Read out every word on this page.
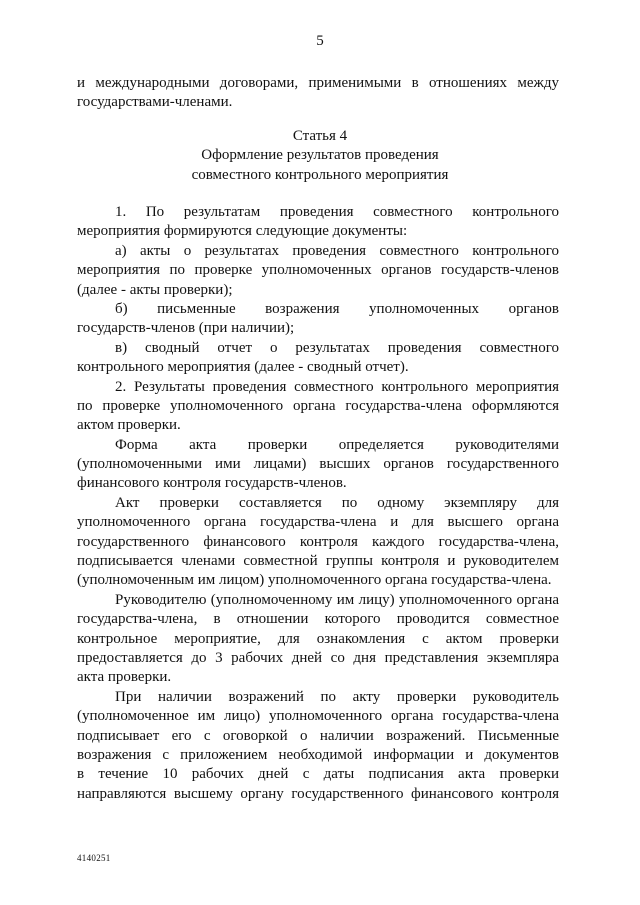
5
и международными договорами, применимыми в отношениях между
государствами-членами.
Статья 4
Оформление результатов проведения
совместного контрольного мероприятия
1. По результатам проведения совместного контрольного
мероприятия формируются следующие документы:
а) акты о результатах проведения совместного контрольного
мероприятия по проверке уполномоченных органов государств-членов
(далее - акты проверки);
б) письменные возражения уполномоченных органов
государств-членов (при наличии);
в) сводный отчет о результатах проведения совместного
контрольного мероприятия (далее - сводный отчет).
2. Результаты проведения совместного контрольного мероприятия
по проверке уполномоченного органа государства-члена оформляются
актом проверки.
Форма акта проверки определяется руководителями
(уполномоченными ими лицами) высших органов государственного
финансового контроля государств-членов.
Акт проверки составляется по одному экземпляру для
уполномоченного органа государства-члена и для высшего органа
государственного финансового контроля каждого государства-члена,
подписывается членами совместной группы контроля и руководителем
(уполномоченным им лицом) уполномоченного органа государства-члена.
Руководителю (уполномоченному им лицу) уполномоченного органа
государства-члена, в отношении которого проводится совместное
контрольное мероприятие, для ознакомления с актом проверки
предоставляется до 3 рабочих дней со дня представления экземпляра
акта проверки.
При наличии возражений по акту проверки руководитель
(уполномоченное им лицо) уполномоченного органа государства-члена
подписывает его с оговоркой о наличии возражений. Письменные
возражения с приложением необходимой информации и документов
в течение 10 рабочих дней с даты подписания акта проверки
направляются высшему органу государственного финансового контроля
4140251
